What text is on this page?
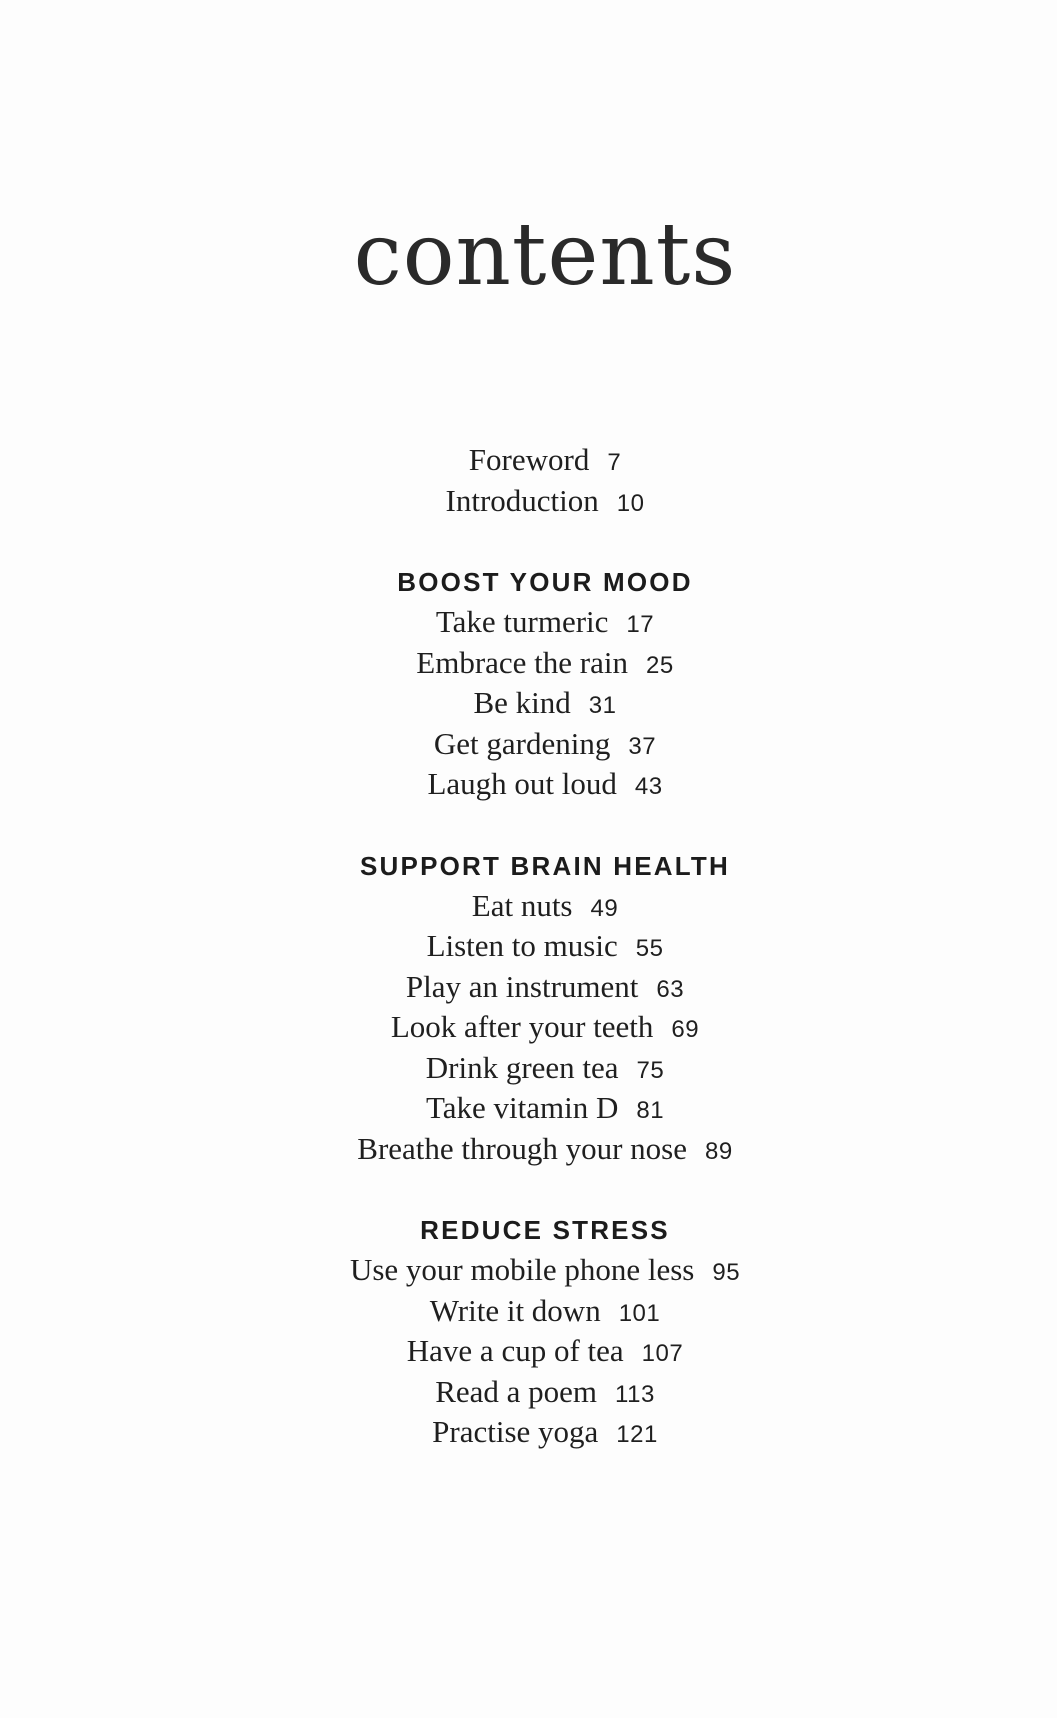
contents
Foreword 7
Introduction 10
BOOST YOUR MOOD
Take turmeric 17
Embrace the rain 25
Be kind 31
Get gardening 37
Laugh out loud 43
SUPPORT BRAIN HEALTH
Eat nuts 49
Listen to music 55
Play an instrument 63
Look after your teeth 69
Drink green tea 75
Take vitamin D 81
Breathe through your nose 89
REDUCE STRESS
Use your mobile phone less 95
Write it down 101
Have a cup of tea 107
Read a poem 113
Practise yoga 121
